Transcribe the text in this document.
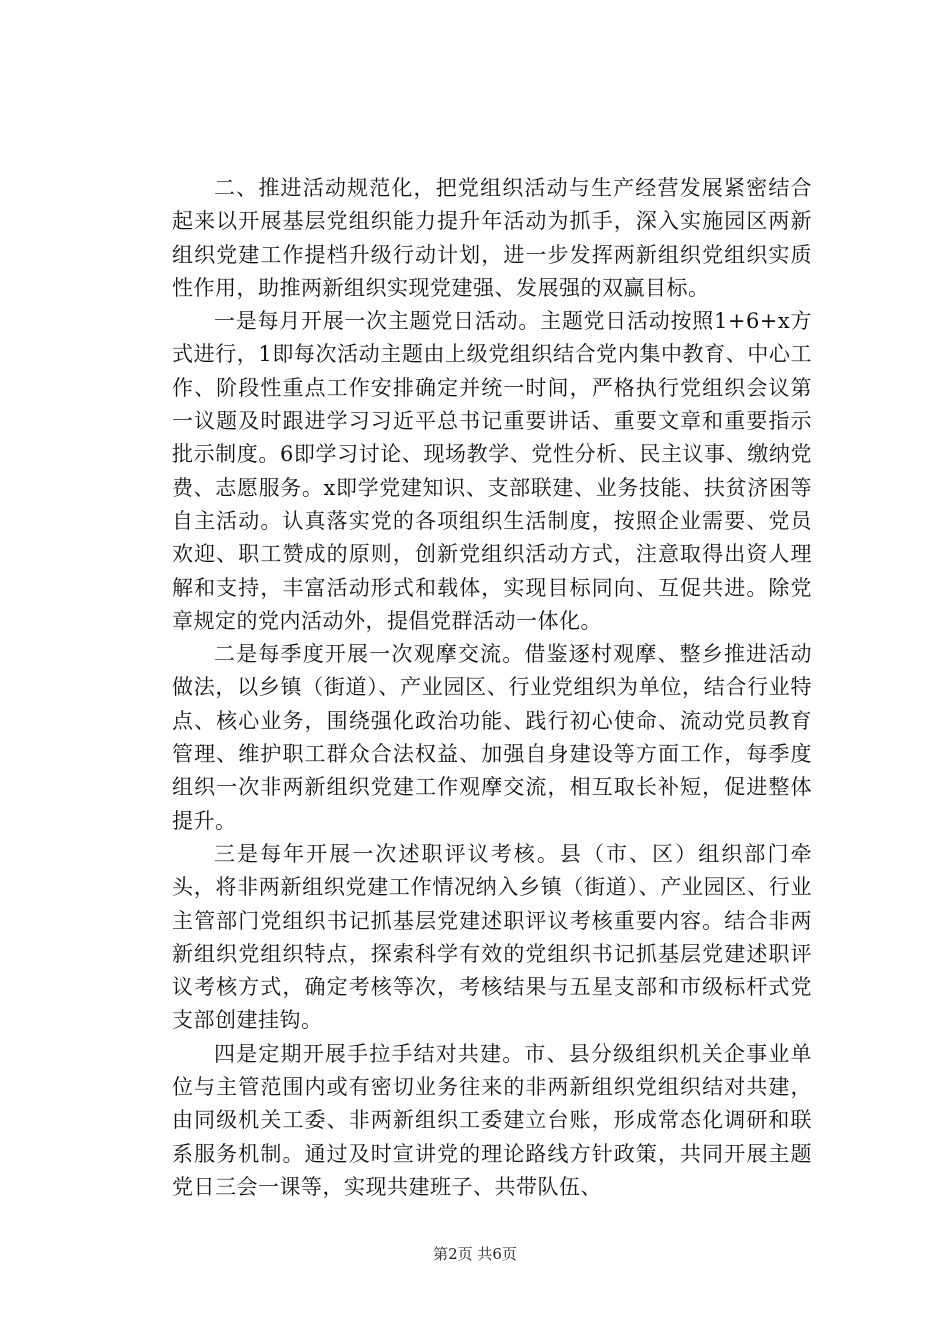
二、推进活动规范化，把党组织活动与生产经营发展紧密结合起来以开展基层党组织能力提升年活动为抓手，深入实施园区两新组织党建工作提档升级行动计划，进一步发挥两新组织党组织实质性作用，助推两新组织实现党建强、发展强的双赢目标。

一是每月开展一次主题党日活动。主题党日活动按照1+6+x方式进行，1即每次活动主题由上级党组织结合党内集中教育、中心工作、阶段性重点工作安排确定并统一时间，严格执行党组织会议第一议题及时跟进学习习近平总书记重要讲话、重要文章和重要指示批示制度。6即学习讨论、现场教学、党性分析、民主议事、缴纳党费、志愿服务。x即学党建知识、支部联建、业务技能、扶贫济困等自主活动。认真落实党的各项组织生活制度，按照企业需要、党员欢迎、职工赞成的原则，创新党组织活动方式，注意取得出资人理解和支持，丰富活动形式和载体，实现目标同向、互促共进。除党章规定的党内活动外，提倡党群活动一体化。

二是每季度开展一次观摩交流。借鉴逐村观摩、整乡推进活动做法，以乡镇（街道）、产业园区、行业党组织为单位，结合行业特点、核心业务，围绕强化政治功能、践行初心使命、流动党员教育管理、维护职工群众合法权益、加强自身建设等方面工作，每季度组织一次非两新组织党建工作观摩交流，相互取长补短，促进整体提升。

三是每年开展一次述职评议考核。县（市、区）组织部门牵头，将非两新组织党建工作情况纳入乡镇（街道）、产业园区、行业主管部门党组织书记抓基层党建述职评议考核重要内容。结合非两新组织党组织特点，探索科学有效的党组织书记抓基层党建述职评议考核方式，确定考核等次，考核结果与五星支部和市级标杆式党支部创建挂钩。

四是定期开展手拉手结对共建。市、县分级组织机关企事业单位与主管范围内或有密切业务往来的非两新组织党组织结对共建，由同级机关工委、非两新组织工委建立台账，形成常态化调研和联系服务机制。通过及时宣讲党的理论路线方针政策，共同开展主题党日三会一课等，实现共建班子、共带队伍、

第2页 共6页
